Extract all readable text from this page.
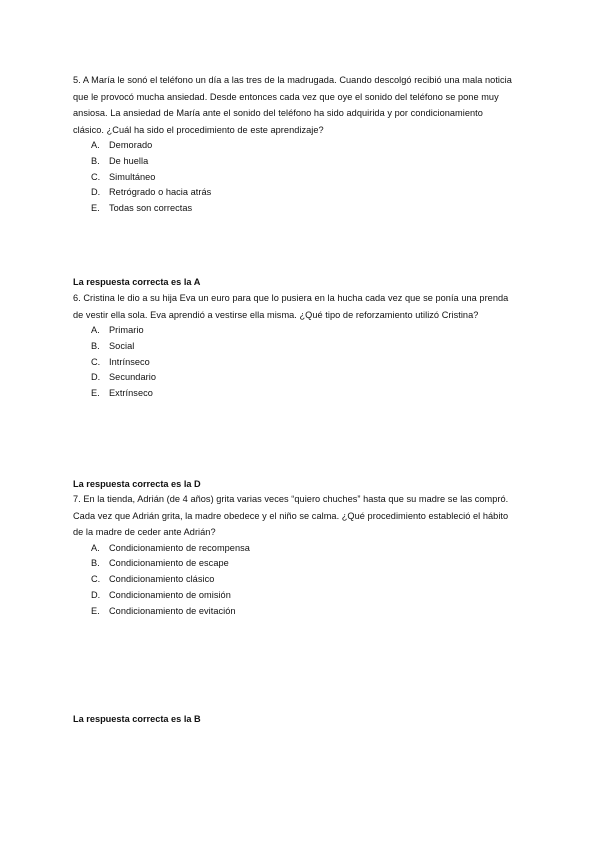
5. A María le sonó el teléfono un día a las tres de la madrugada. Cuando descolgó recibió una mala noticia que le provocó mucha ansiedad. Desde entonces cada vez que oye el sonido del teléfono se pone muy ansiosa. La ansiedad de María ante el sonido del teléfono ha sido adquirida y por condicionamiento clásico. ¿Cuál ha sido el procedimiento de este aprendizaje?
A. Demorado
B. De huella
C. Simultáneo
D. Retrógrado o hacia atrás
E. Todas son correctas
La respuesta correcta es la A
6. Cristina le dio a su hija Eva un euro para que lo pusiera en la hucha cada vez que se ponía una prenda de vestir ella sola. Eva aprendió a vestirse ella misma. ¿Qué tipo de reforzamiento utilizó Cristina?
A. Primario
B. Social
C. Intrínseco
D. Secundario
E. Extrínseco
La respuesta correcta es la D
7. En la tienda, Adrián (de 4 años) grita varias veces “quiero chuches” hasta que su madre se las compró. Cada vez que Adrián grita, la madre obedece y el niño se calma. ¿Qué procedimiento estableció el hábito de la madre de ceder ante Adrián?
A. Condicionamiento de recompensa
B. Condicionamiento de escape
C. Condicionamiento clásico
D. Condicionamiento de omisión
E. Condicionamiento de evitación
La respuesta correcta es la B
